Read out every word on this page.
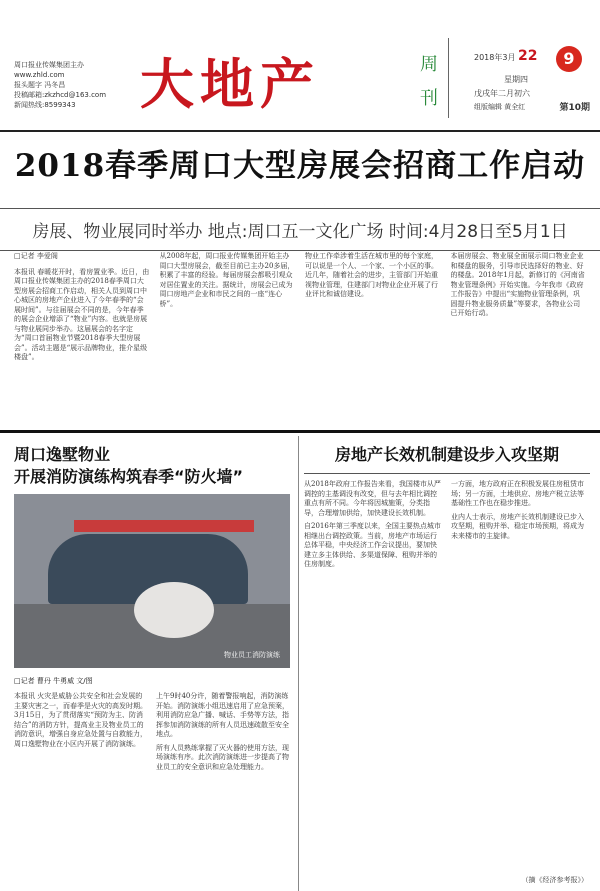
周口报业传媒集团主办
www.zhld.com
报头题字 冯冬昌
投稿邮箱:zkzhcd@163.com
新闻热线:8599343	大地产	周刊
2018年3月 22
星期四
戊戌年二月初六
9
组版编辑 黄全红	第10期
2018春季周口大型房展会招商工作启动
房展、物业展同时举办 地点:周口五一文化广场 时间:4月28日至5月1日
□记者 李爱阁

本报讯 春暖花开时，看房置业季。近日，由周口报业传媒集团主办的2018春季周口大型房展会招商工作启动，相关人员到周口中心城区的房地产企业进入了今年春季的“会展时间”。与往届展会不同的是，今年春季的展会企业增添了“物业”内容。也就是房展与物业展同步举办。这届展会的名字定为“周口首届物业节暨2018春季大型房展会”。活动主题是“展示品牌物业，推介星级楼盘”。

从2008年起，周口报业传媒集团开始主办周口大型房展会，截至目前已主办20多届，积累了丰富的经验。每届房展会都吸引观众对居住置业的关注。据统计，房展会已成为周口房地产企业和市民之间的一座“连心桥”。

物业工作牵涉着生活在城市里的每个家庭，可以说是一个人、一个家、一个小区的事。近几年，随着社会的进步，主管部门开始重视物业管理，住建部门对物业企业开展了行业评比和诚信建设。

本届房展会、物业展全面展示周口物业企业和楼盘的服务，引导市民选择好的物业、好的楼盘。2018年1月起，新修订的《河南省物业管理条例》开始实施。今年我市《政府工作报告》中提出“实施物业管理条例，巩固提升物业服务质量”等要求，各物业公司已开始行动。

周口逸墅物业
开展消防演练构筑春季“防火墙”
物业员工消防演练
□记者 曹丹 牛勇威 文/图

本报讯 火灾是威胁公共安全和社会发展的主要灾害之一，而春季是火灾的高发时期。3月15日，为了贯彻落实“预防为主、防消结合”的消防方针，提高业主及物业员工的消防意识，增强自身应急处置与自救能力，周口逸墅物业在小区内开展了消防演练。

上午9时40分许，随着警报响起，消防演练开始。消防演练小组迅速启用了应急预案，利用消防应急广播、喊话、手势等方法，指挥参加消防演练的所有人员迅速疏散至安全地点。

所有人员熟练掌握了灭火器的使用方法，现场演练有序。此次消防演练进一步提高了物业员工的安全意识和应急处理能力。

房地产长效机制建设步入攻坚期

从2018年政府工作报告来看，我国楼市从严调控的主基调没有改变，但与去年相比调控重点有所不同。今年将因城施策，分类指导，合理增加供给，加快建设长效机制。

自2016年第三季度以来，全国主要热点城市相继出台调控政策。当前，房地产市场运行总体平稳，中央经济工作会议提出，要加快建立多主体供给、多渠道保障、租购并举的住房制度。

一方面，地方政府正在积极发展住房租赁市场；另一方面，土地供应、房地产税立法等基础性工作也在稳步推进。

业内人士表示，房地产长效机制建设已步入攻坚期，租购并举、稳定市场预期，将成为未来楼市的主旋律。

（摘《经济参考报》）
